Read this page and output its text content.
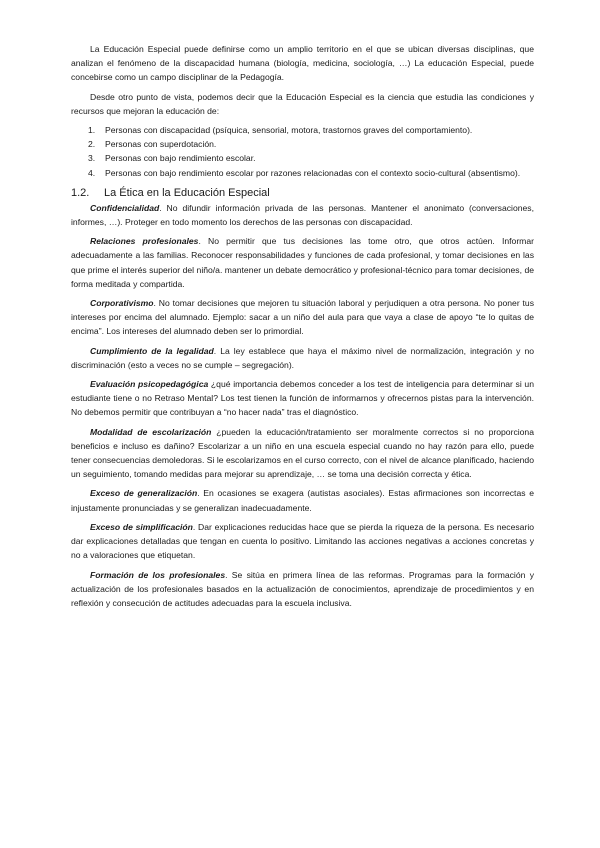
La Educación Especial puede definirse como un amplio territorio en el que se ubican diversas disciplinas, que analizan el fenómeno de la discapacidad humana (biología, medicina, sociología, …) La educación Especial, puede concebirse como un campo disciplinar de la Pedagogía.

Desde otro punto de vista, podemos decir que la Educación Especial es la ciencia que estudia las condiciones y recursos que mejoran la educación de:

1. Personas con discapacidad (psíquica, sensorial, motora, trastornos graves del comportamiento).
2. Personas con superdotación.
3. Personas con bajo rendimiento escolar.
4. Personas con bajo rendimiento escolar por razones relacionadas con el contexto socio-cultural (absentismo).
1.2. La Ética en la Educación Especial

Confidencialidad. No difundir información privada de las personas. Mantener el anonimato (conversaciones, informes, …). Proteger en todo momento los derechos de las personas con discapacidad.

Relaciones profesionales. No permitir que tus decisiones las tome otro, que otros actúen. Informar adecuadamente a las familias. Reconocer responsabilidades y funciones de cada profesional, y tomar decisiones en las que prime el interés superior del niño/a. mantener un debate democrático y profesional-técnico para tomar decisiones, de forma meditada y compartida.

Corporativismo. No tomar decisiones que mejoren tu situación laboral y perjudiquen a otra persona. No poner tus intereses por encima del alumnado. Ejemplo: sacar a un niño del aula para que vaya a clase de apoyo “te lo quitas de encima”. Los intereses del alumnado deben ser lo primordial.

Cumplimiento de la legalidad. La ley establece que haya el máximo nivel de normalización, integración y no discriminación (esto a veces no se cumple – segregación).

Evaluación psicopedagógica ¿qué importancia debemos conceder a los test de inteligencia para determinar si un estudiante tiene o no Retraso Mental? Los test tienen la función de informarnos y ofrecernos pistas para la intervención. No debemos permitir que contribuyan a “no hacer nada” tras el diagnóstico.

Modalidad de escolarización ¿pueden la educación/tratamiento ser moralmente correctos si no proporciona beneficios e incluso es dañino? Escolarizar a un niño en una escuela especial cuando no hay razón para ello, puede tener consecuencias demoledoras. Si le escolarizamos en el curso correcto, con el nivel de alcance planificado, haciendo un seguimiento, tomando medidas para mejorar su aprendizaje, … se toma una decisión correcta y ética.

Exceso de generalización. En ocasiones se exagera (autistas asociales). Estas afirmaciones son incorrectas e injustamente pronunciadas y se generalizan inadecuadamente.

Exceso de simplificación. Dar explicaciones reducidas hace que se pierda la riqueza de la persona. Es necesario dar explicaciones detalladas que tengan en cuenta lo positivo. Limitando las acciones negativas a acciones concretas y no a valoraciones que etiquetan.

Formación de los profesionales. Se sitúa en primera línea de las reformas. Programas para la formación y actualización de los profesionales basados en la actualización de conocimientos, aprendizaje de procedimientos y en reflexión y consecución de actitudes adecuadas para la escuela inclusiva.
